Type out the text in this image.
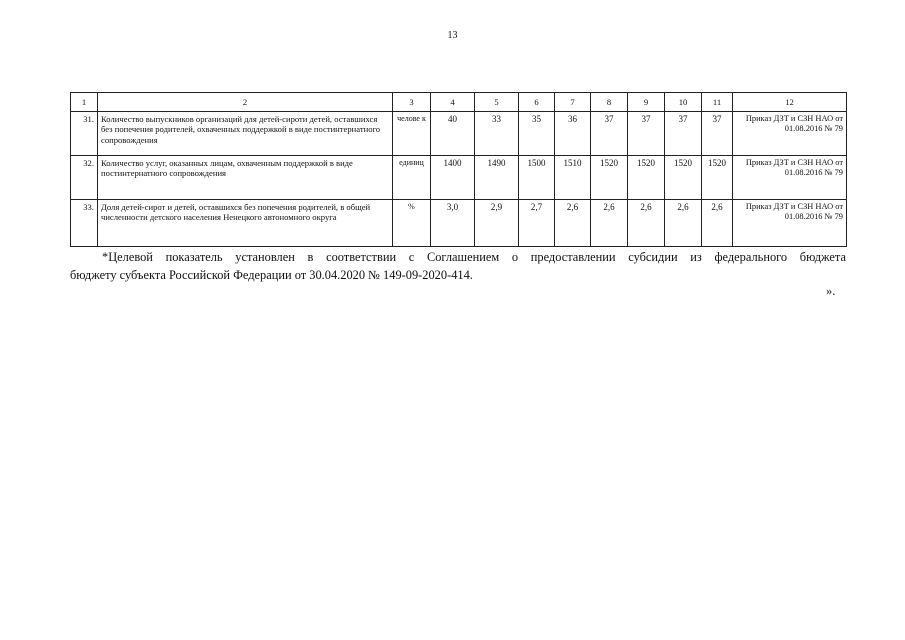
13
1	2	3	4	5	6	7	8	9	10	11	12
31.	Количество выпускников организаций для детей-сироти детей, оставшихся без попечения родителей, охваченных поддержкой в виде постинтернатного сопровождения	челове к	40	33	35	36	37	37	37	37	Приказ ДЗТ и СЗН НАО от 01.08.2016 № 79
32.	Количество услуг, оказанных лицам, охваченным поддержкой в виде постинтернатного сопровождения	единиц	1400	1490	1500	1510	1520	1520	1520	1520	Приказ ДЗТ и СЗН НАО от 01.08.2016 № 79
33.	Доля детей-сирот и детей, оставшихся без попечения родителей, в общей численности детского населения Ненецкого автономного округа	%	3,0	2,9	2,7	2,6	2,6	2,6	2,6	2,6	Приказ ДЗТ и СЗН НАО от 01.08.2016 № 79
*Целевой показатель установлен в соответствии с Соглашением о предоставлении субсидии из федерального бюджета
бюджету субъекта Российской Федерации от 30.04.2020 № 149-09-2020-414.
».
